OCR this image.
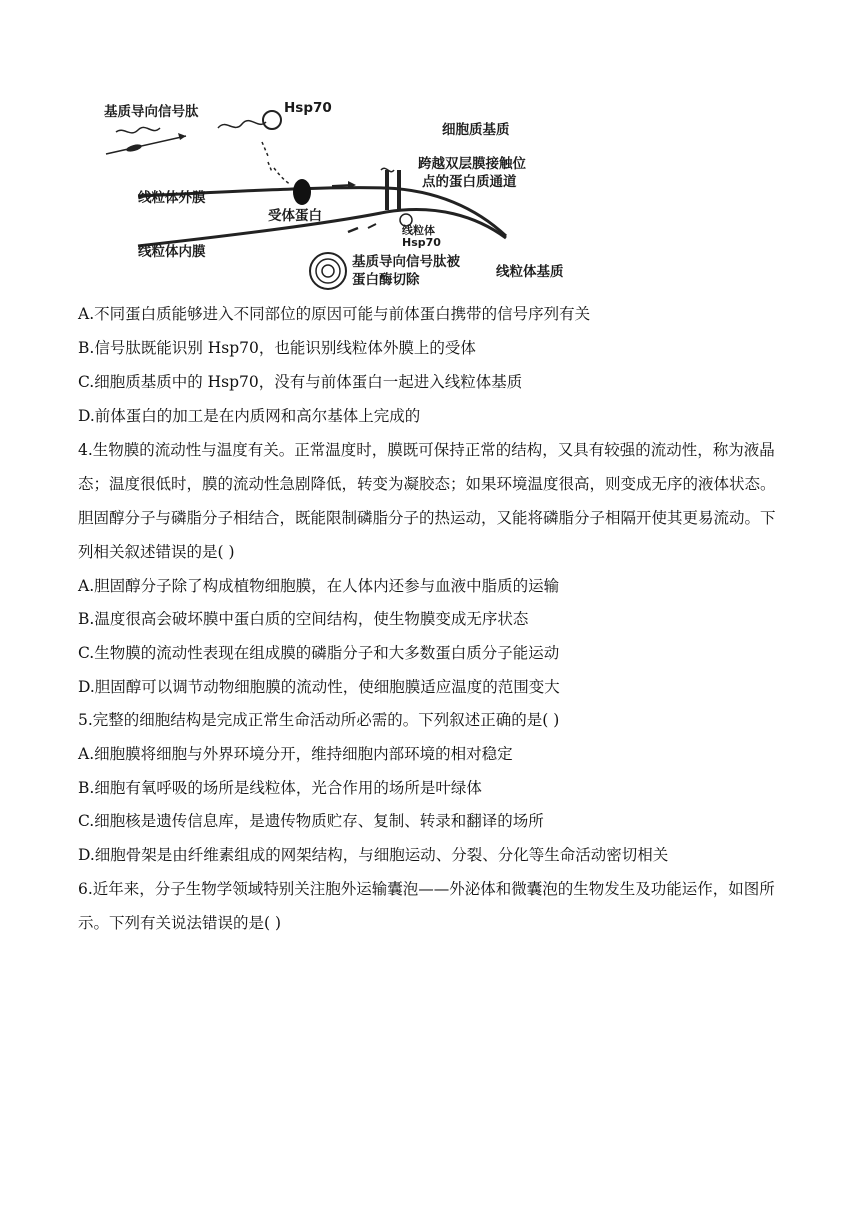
基质导向信号肽	Hsp70
细胞质基质
跨越双层膜接触位
点的蛋白质通道
线粒体外膜
受体蛋白
线粒体
Hsp70
线粒体内膜
基质导向信号肽被
蛋白酶切除	线粒体基质
A.不同蛋白质能够进入不同部位的原因可能与前体蛋白携带的信号序列有关
B.信号肽既能识别 Hsp70，也能识别线粒体外膜上的受体
C.细胞质基质中的 Hsp70，没有与前体蛋白一起进入线粒体基质
D.前体蛋白的加工是在内质网和高尔基体上完成的
4.生物膜的流动性与温度有关。正常温度时，膜既可保持正常的结构，又具有较强的流动性，称为液晶态；温度很低时，膜的流动性急剧降低，转变为凝胶态；如果环境温度很高，则变成无序的液体状态。胆固醇分子与磷脂分子相结合，既能限制磷脂分子的热运动，又能将磷脂分子相隔开使其更易流动。下列相关叙述错误的是( )
A.胆固醇分子除了构成植物细胞膜，在人体内还参与血液中脂质的运输
B.温度很高会破坏膜中蛋白质的空间结构，使生物膜变成无序状态
C.生物膜的流动性表现在组成膜的磷脂分子和大多数蛋白质分子能运动
D.胆固醇可以调节动物细胞膜的流动性，使细胞膜适应温度的范围变大
5.完整的细胞结构是完成正常生命活动所必需的。下列叙述正确的是( )
A.细胞膜将细胞与外界环境分开，维持细胞内部环境的相对稳定
B.细胞有氧呼吸的场所是线粒体，光合作用的场所是叶绿体
C.细胞核是遗传信息库，是遗传物质贮存、复制、转录和翻译的场所
D.细胞骨架是由纤维素组成的网架结构，与细胞运动、分裂、分化等生命活动密切相关
6.近年来，分子生物学领域特别关注胞外运输囊泡——外泌体和微囊泡的生物发生及功能运作，如图所示。下列有关说法错误的是( )
